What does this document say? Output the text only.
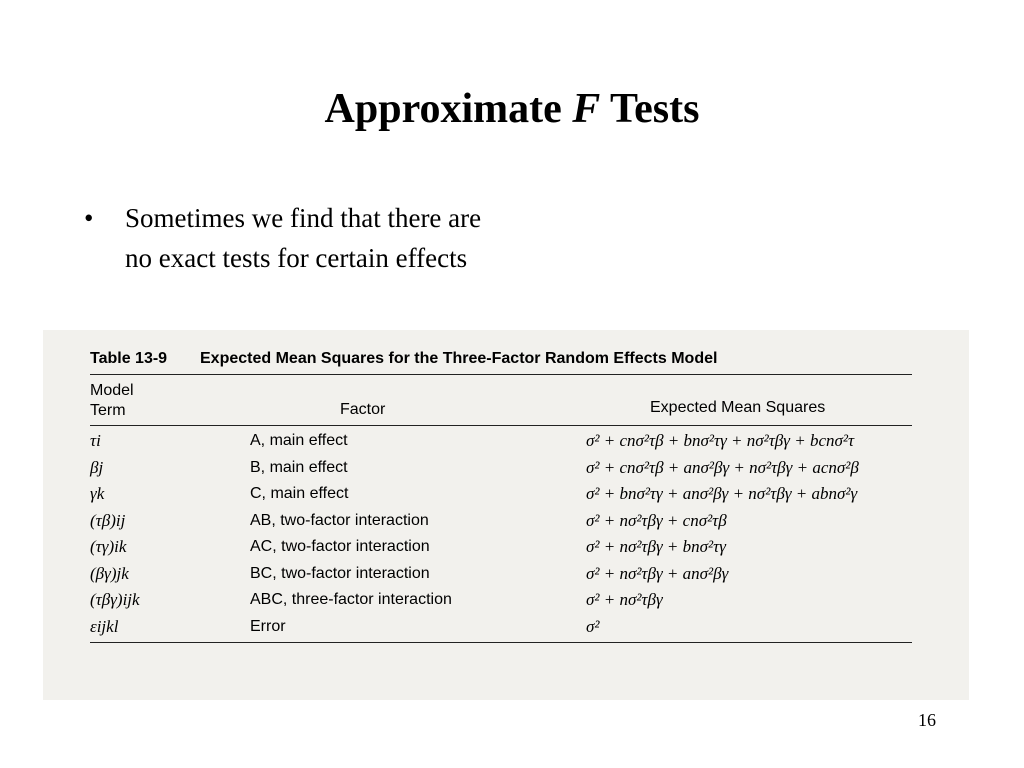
Approximate F Tests
• Sometimes we find that there are no exact tests for certain effects
Table 13-9 Expected Mean Squares for the Three-Factor Random Effects Model
Model
Term	Factor	Expected Mean Squares
τi	A, main effect	σ² + cnσ²τβ + bnσ²τγ + nσ²τβγ + bcnσ²τ
βj	B, main effect	σ² + cnσ²τβ + anσ²βγ + nσ²τβγ + acnσ²β
γk	C, main effect	σ² + bnσ²τγ + anσ²βγ + nσ²τβγ + abnσ²γ
(τβ)ij	AB, two-factor interaction	σ² + nσ²τβγ + cnσ²τβ
(τγ)ik	AC, two-factor interaction	σ² + nσ²τβγ + bnσ²τγ
(βγ)jk	BC, two-factor interaction	σ² + nσ²τβγ + anσ²βγ
(τβγ)ijk	ABC, three-factor interaction	σ² + nσ²τβγ
εijkl	Error	σ²
16
